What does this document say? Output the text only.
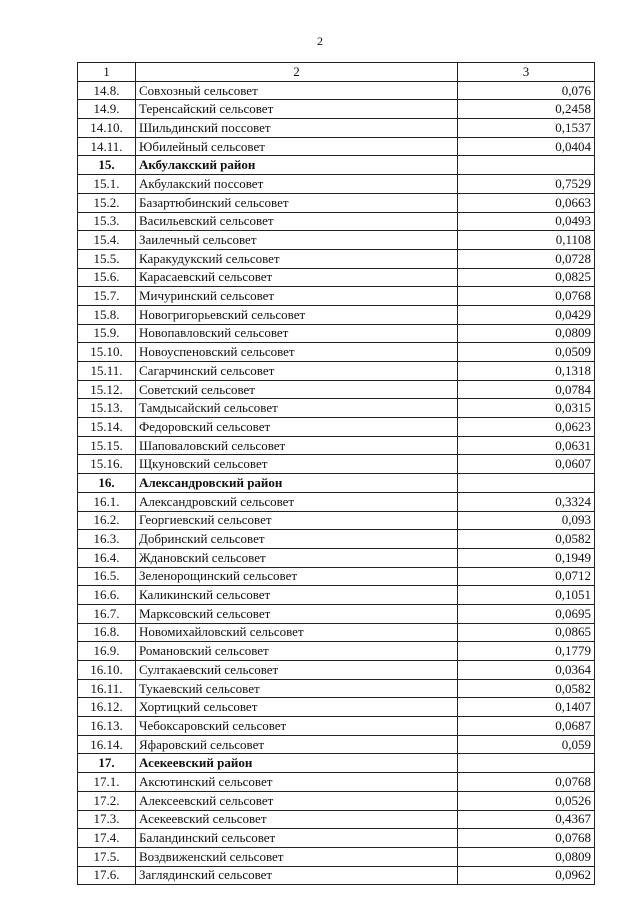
2
1	2	3
14.8.	Совхозный сельсовет	0,076
14.9.	Теренсайский сельсовет	0,2458
14.10.	Шильдинский поссовет	0,1537
14.11.	Юбилейный сельсовет	0,0404
15.	Акбулакский район	
15.1.	Акбулакский поссовет	0,7529
15.2.	Базартюбинский сельсовет	0,0663
15.3.	Васильевский сельсовет	0,0493
15.4.	Заилечный сельсовет	0,1108
15.5.	Каракудукский сельсовет	0,0728
15.6.	Карасаевский сельсовет	0,0825
15.7.	Мичуринский сельсовет	0,0768
15.8.	Новогригорьевский сельсовет	0,0429
15.9.	Новопавловский сельсовет	0,0809
15.10.	Новоуспеновский сельсовет	0,0509
15.11.	Сагарчинский сельсовет	0,1318
15.12.	Советский сельсовет	0,0784
15.13.	Тамдысайский сельсовет	0,0315
15.14.	Федоровский сельсовет	0,0623
15.15.	Шаповаловский сельсовет	0,0631
15.16.	Щкуновский сельсовет	0,0607
16.	Александровский район	
16.1.	Александровский сельсовет	0,3324
16.2.	Георгиевский сельсовет	0,093
16.3.	Добринский сельсовет	0,0582
16.4.	Ждановский сельсовет	0,1949
16.5.	Зеленорощинский сельсовет	0,0712
16.6.	Каликинский сельсовет	0,1051
16.7.	Марксовский сельсовет	0,0695
16.8.	Новомихайловский сельсовет	0,0865
16.9.	Романовский сельсовет	0,1779
16.10.	Султакаевский сельсовет	0,0364
16.11.	Тукаевский сельсовет	0,0582
16.12.	Хортицкий сельсовет	0,1407
16.13.	Чебоксаровский сельсовет	0,0687
16.14.	Яфаровский сельсовет	0,059
17.	Асекеевский район	
17.1.	Аксютинский сельсовет	0,0768
17.2.	Алексеевский сельсовет	0,0526
17.3.	Асекеевский сельсовет	0,4367
17.4.	Баландинский сельсовет	0,0768
17.5.	Воздвиженский сельсовет	0,0809
17.6.	Заглядинский сельсовет	0,0962
